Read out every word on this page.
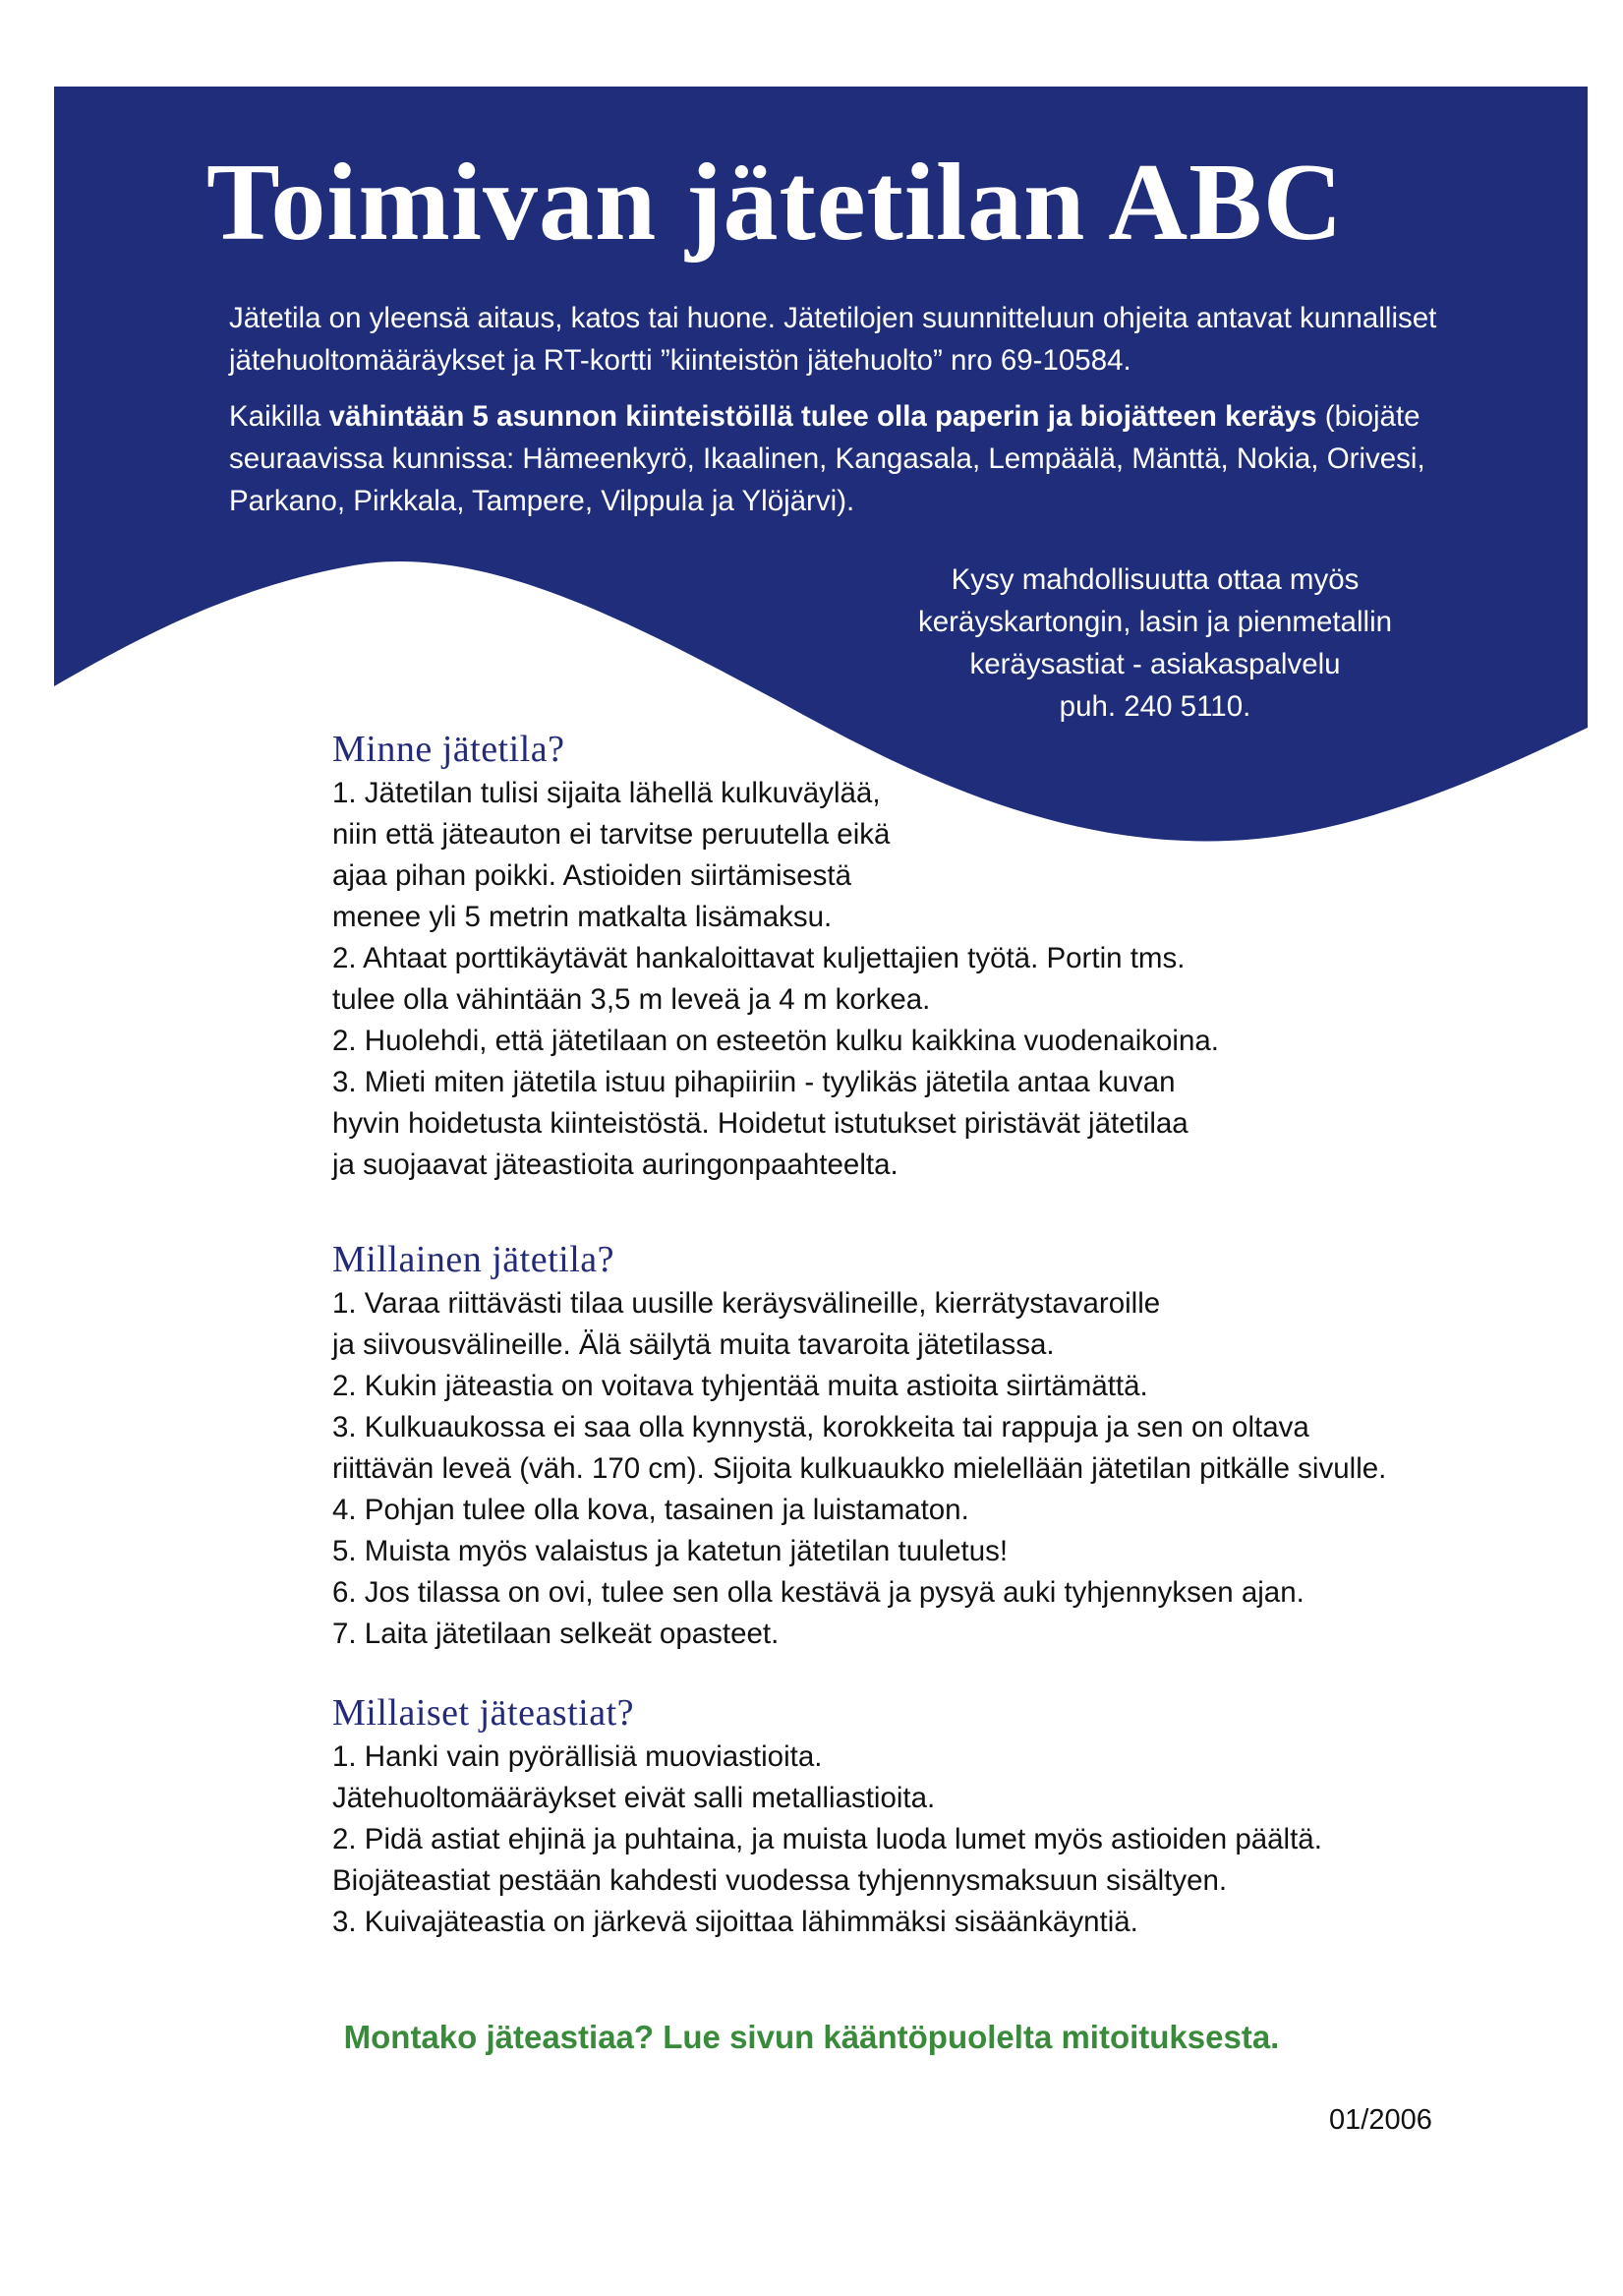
Toimivan jätetilan ABC

Jätetila on yleensä aitaus, katos tai huone. Jätetilojen suunnitteluun ohjeita antavat kunnalliset jätehuoltomääräykset ja RT-kortti ”kiinteistön jätehuolto” nro 69-10584.

Kaikilla vähintään 5 asunnon kiinteistöillä tulee olla paperin ja biojätteen keräys (biojäte seuraavissa kunnissa: Hämeenkyrö, Ikaalinen, Kangasala, Lempäälä, Mänttä, Nokia, Orivesi, Parkano, Pirkkala, Tampere, Vilppula ja Ylöjärvi).

Kysy mahdollisuutta ottaa myös
keräyskartongin, lasin ja pienmetallin
keräysastiat - asiakaspalvelu
puh. 240 5110.
Minne jätetila?
1. Jätetilan tulisi sijaita lähellä kulkuväylää,
niin että jäteauton ei tarvitse peruutella eikä
ajaa pihan poikki. Astioiden siirtämisestä
menee yli 5 metrin matkalta lisämaksu.
2. Ahtaat porttikäytävät hankaloittavat kuljettajien työtä. Portin tms.
tulee olla vähintään 3,5 m leveä ja 4 m korkea.
2. Huolehdi, että jätetilaan on esteetön kulku kaikkina vuodenaikoina.
3. Mieti miten jätetila istuu pihapiiriin - tyylikäs jätetila antaa kuvan
hyvin hoidetusta kiinteistöstä. Hoidetut istutukset piristävät jätetilaa
ja suojaavat jäteastioita auringonpaahteelta.
Millainen jätetila?
1. Varaa riittävästi tilaa uusille keräysvälineille, kierrätystavaroille
ja siivousvälineille. Älä säilytä muita tavaroita jätetilassa.
2. Kukin jäteastia on voitava tyhjentää muita astioita siirtämättä.
3. Kulkuaukossa ei saa olla kynnystä, korokkeita tai rappuja ja sen on oltava
riittävän leveä (väh. 170 cm). Sijoita kulkuaukko mielellään jätetilan pitkälle sivulle.
4. Pohjan tulee olla kova, tasainen ja luistamaton.
5. Muista myös valaistus ja katetun jätetilan tuuletus!
6. Jos tilassa on ovi, tulee sen olla kestävä ja pysyä auki tyhjennyksen ajan.
7. Laita jätetilaan selkeät opasteet.
Millaiset jäteastiat?
1. Hanki vain pyörällisiä muoviastioita.
Jätehuoltomääräykset eivät salli metalliastioita.
2. Pidä astiat ehjinä ja puhtaina, ja muista luoda lumet myös astioiden päältä.
Biojäteastiat pestään kahdesti vuodessa tyhjennysmaksuun sisältyen.
3. Kuivajäteastia on järkevä sijoittaa lähimmäksi sisäänkäyntiä.
Montako jäteastiaa? Lue sivun kääntöpuolelta mitoituksesta.
01/2006
